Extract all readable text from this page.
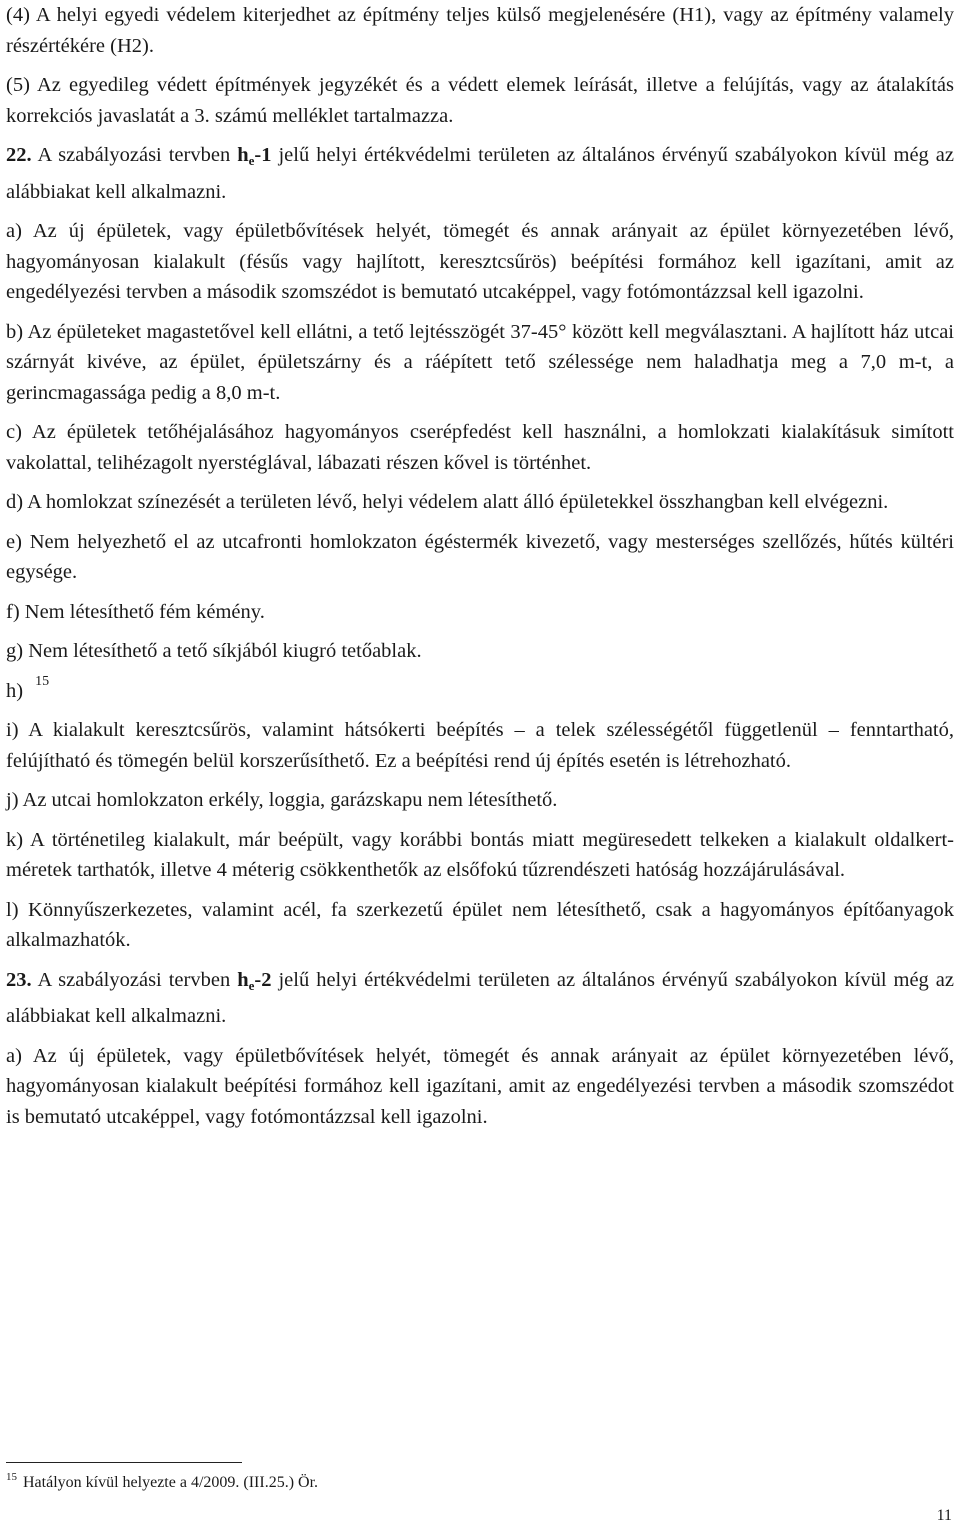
(4) A helyi egyedi védelem kiterjedhet az építmény teljes külső megjelenésére (H1), vagy az építmény valamely részértékére (H2).

(5) Az egyedileg védett építmények jegyzékét és a védett elemek leírását, illetve a felújítás, vagy az átalakítás korrekciós javaslatát a 3. számú melléklet tartalmazza.

22. A szabályozási tervben $h_e-1$ jelű helyi értékvédelmi területen az általános érvényű szabályokon kívül még az alábbiakat kell alkalmazni.

a) Az új épületek, vagy épületbővítések helyét, tömegét és annak arányait az épület környezetében lévő, hagyományosan kialakult (fésűs vagy hajlított, keresztcsűrös) beépítési formához kell igazítani, amit az engedélyezési tervben a második szomszédot is bemutató utcaképpel, vagy fotómontázzsal kell igazolni.

b) Az épületeket magastetővel kell ellátni, a tető lejtésszögét 37-45° között kell megválasztani. A hajlított ház utcai szárnyát kivéve, az épület, épületszárny és a ráépített tető szélessége nem haladhatja meg a 7,0 m-t, a gerincmagassága pedig a 8,0 m-t.

c) Az épületek tetőhéjalásához hagyományos cserépfedést kell használni, a homlokzati kialakításuk simított vakolattal, telihézagolt nyerstéglával, lábazati részen kővel is történhet.

d) A homlokzat színezését a területen lévő, helyi védelem alatt álló épületekkel összhangban kell elvégezni.

e) Nem helyezhető el az utcafronti homlokzaton égéstermék kivezető, vagy mesterséges szellőzés, hűtés kültéri egysége.

f) Nem létesíthető fém kémény.

g) Nem létesíthető a tető síkjából kiugró tetőablak.

h) $^{15}$

i) A kialakult keresztcsűrös, valamint hátsókerti beépítés – a telek szélességétől függetlenül – fenntartható, felújítható és tömegén belül korszerűsíthető. Ez a beépítési rend új építés esetén is létrehozható.

j) Az utcai homlokzaton erkély, loggia, garázskapu nem létesíthető.

k) A történetileg kialakult, már beépült, vagy korábbi bontás miatt megüresedett telkeken a kialakult oldalkert-méretek tarthatók, illetve 4 méterig csökkenthetők az elsőfokú tűzrendészeti hatóság hozzájárulásával.

l) Könnyűszerkezetes, valamint acél, fa szerkezetű épület nem létesíthető, csak a hagyományos építőanyagok alkalmazhatók.

23. A szabályozási tervben $h_e-2$ jelű helyi értékvédelmi területen az általános érvényű szabályokon kívül még az alábbiakat kell alkalmazni.

a) Az új épületek, vagy épületbővítések helyét, tömegét és annak arányait az épület környezetében lévő, hagyományosan kialakult beépítési formához kell igazítani, amit az engedélyezési tervben a második szomszédot is bemutató utcaképpel, vagy fotómontázzsal kell igazolni.

$^{15}$ Hatályon kívül helyezte a 4/2009. (III.25.) Ör.
11
